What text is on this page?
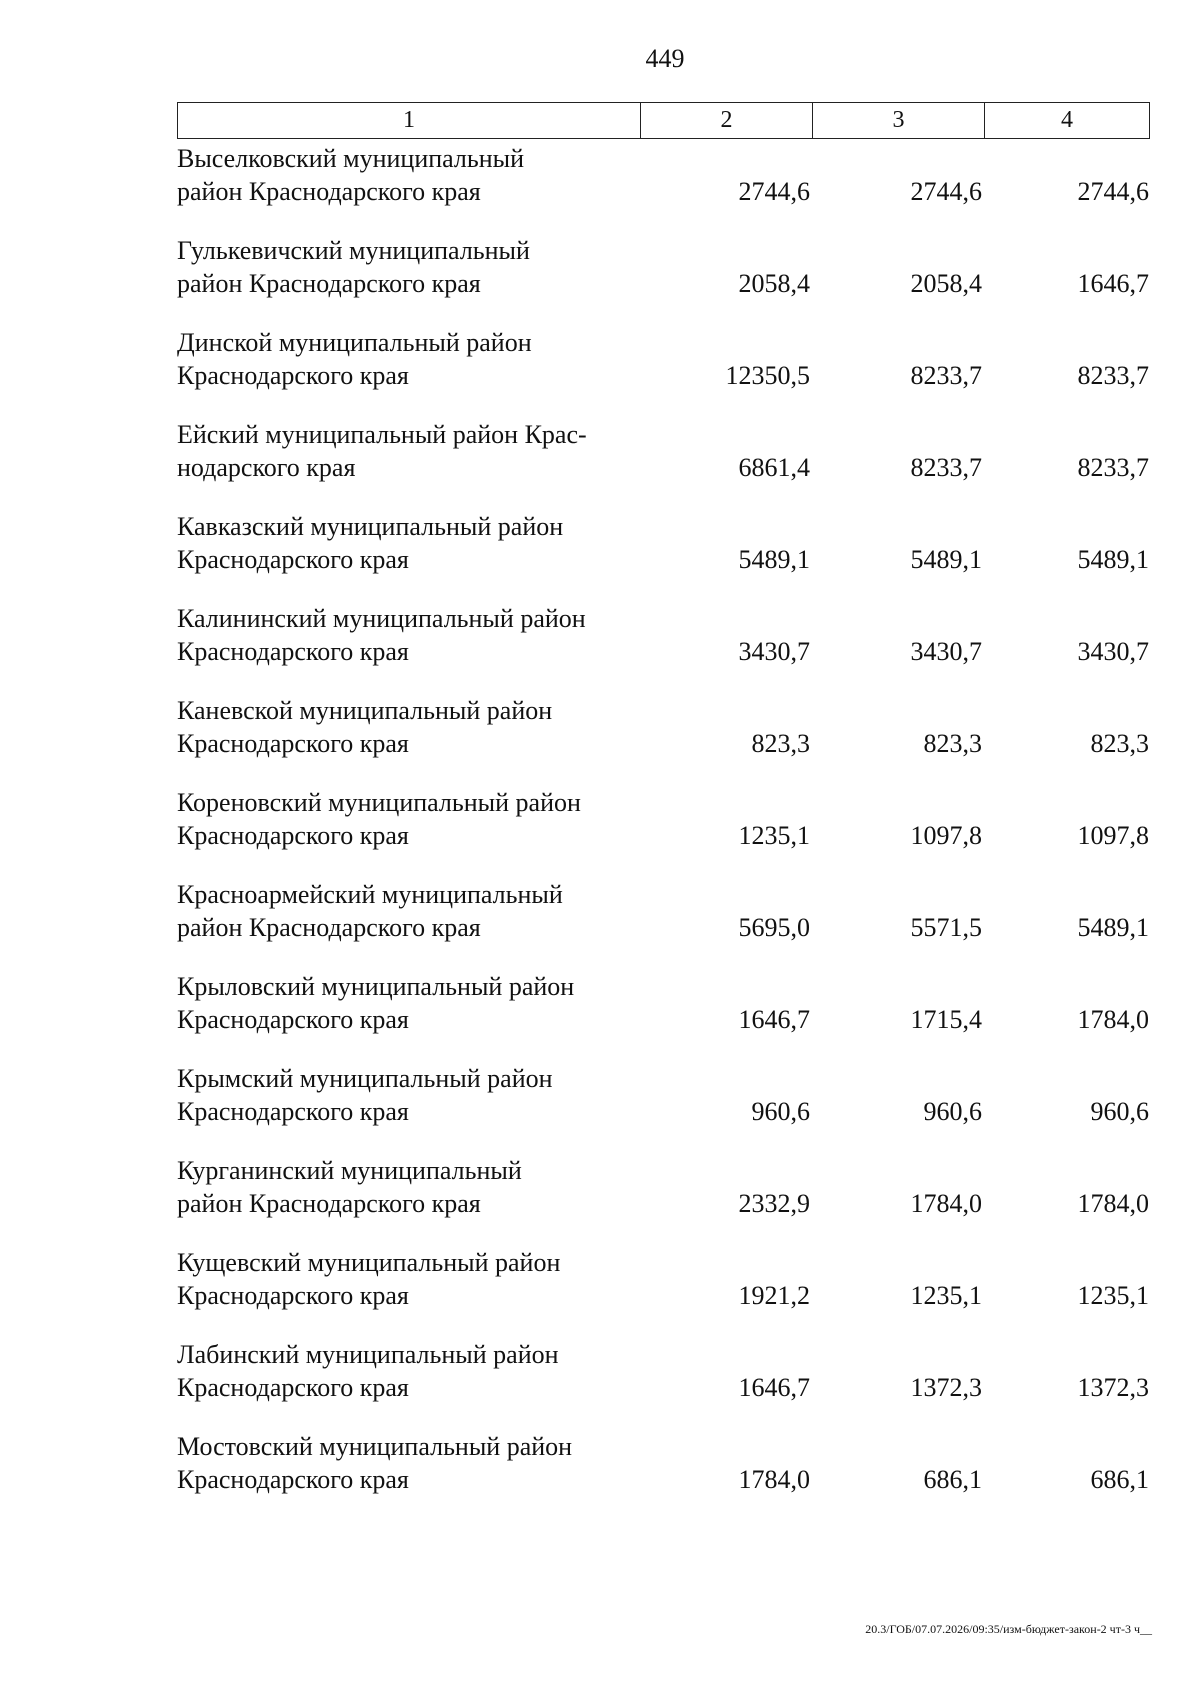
449
1	2	3	4
Выселковский муниципальный
район Краснодарского края	2744,6	2744,6	2744,6
Гулькевичский муниципальный
район Краснодарского края	2058,4	2058,4	1646,7
Динской муниципальный район
Краснодарского края	12350,5	8233,7	8233,7
Ейский муниципальный район Крас-
нодарского края	6861,4	8233,7	8233,7
Кавказский муниципальный район
Краснодарского края	5489,1	5489,1	5489,1
Калининский муниципальный район
Краснодарского края	3430,7	3430,7	3430,7
Каневской муниципальный район
Краснодарского края	823,3	823,3	823,3
Кореновский муниципальный район
Краснодарского края	1235,1	1097,8	1097,8
Красноармейский муниципальный
район Краснодарского края	5695,0	5571,5	5489,1
Крыловский муниципальный район
Краснодарского края	1646,7	1715,4	1784,0
Крымский муниципальный район
Краснодарского края	960,6	960,6	960,6
Курганинский муниципальный
район Краснодарского края	2332,9	1784,0	1784,0
Кущевский муниципальный район
Краснодарского края	1921,2	1235,1	1235,1
Лабинский муниципальный район
Краснодарского края	1646,7	1372,3	1372,3
Мостовский муниципальный район
Краснодарского края	1784,0	686,1	686,1
20.3/ГОБ/07.07.2026/09:35/изм-бюджет-закон-2 чт-3 ч__
